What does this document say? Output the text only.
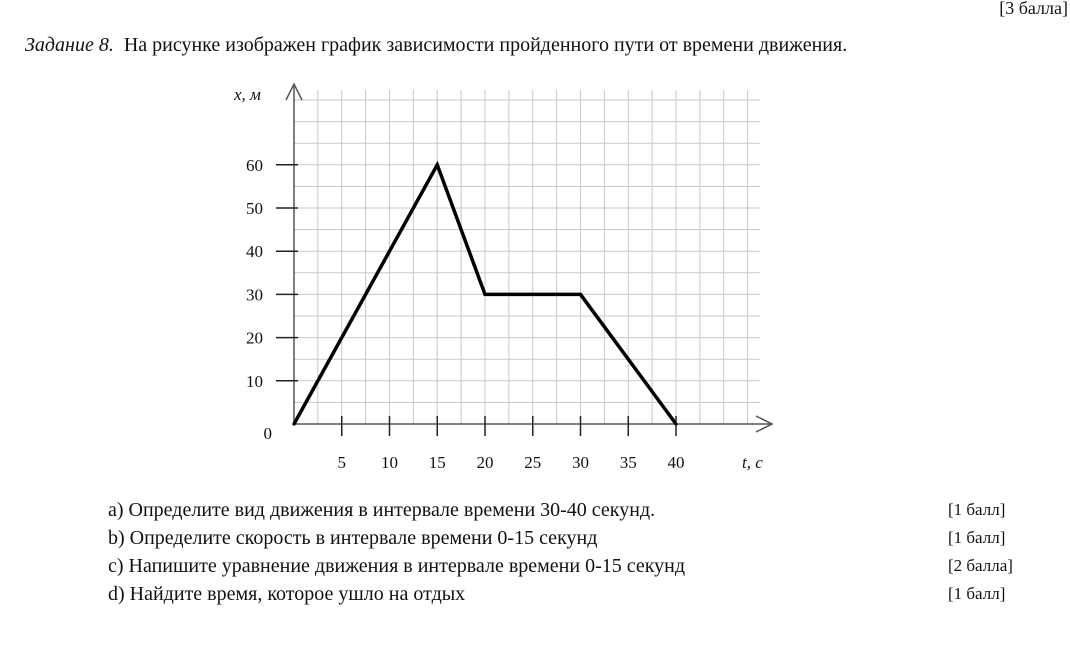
[3 балла]
Задание 8. На рисунке изображен график зависимости пройденного пути от времени движения.
5 10 15 20 25 30 35 40
10
20
30
40
50
60
0
x, м
t, с
a) Определите вид движения в интервале времени 30-40 секунд.	[1 балл]
b) Определите скорость в интервале времени 0-15 секунд	[1 балл]
c) Напишите уравнение движения в интервале времени 0-15 секунд	[2 балла]
d) Найдите время, которое ушло на отдых	[1 балл]
